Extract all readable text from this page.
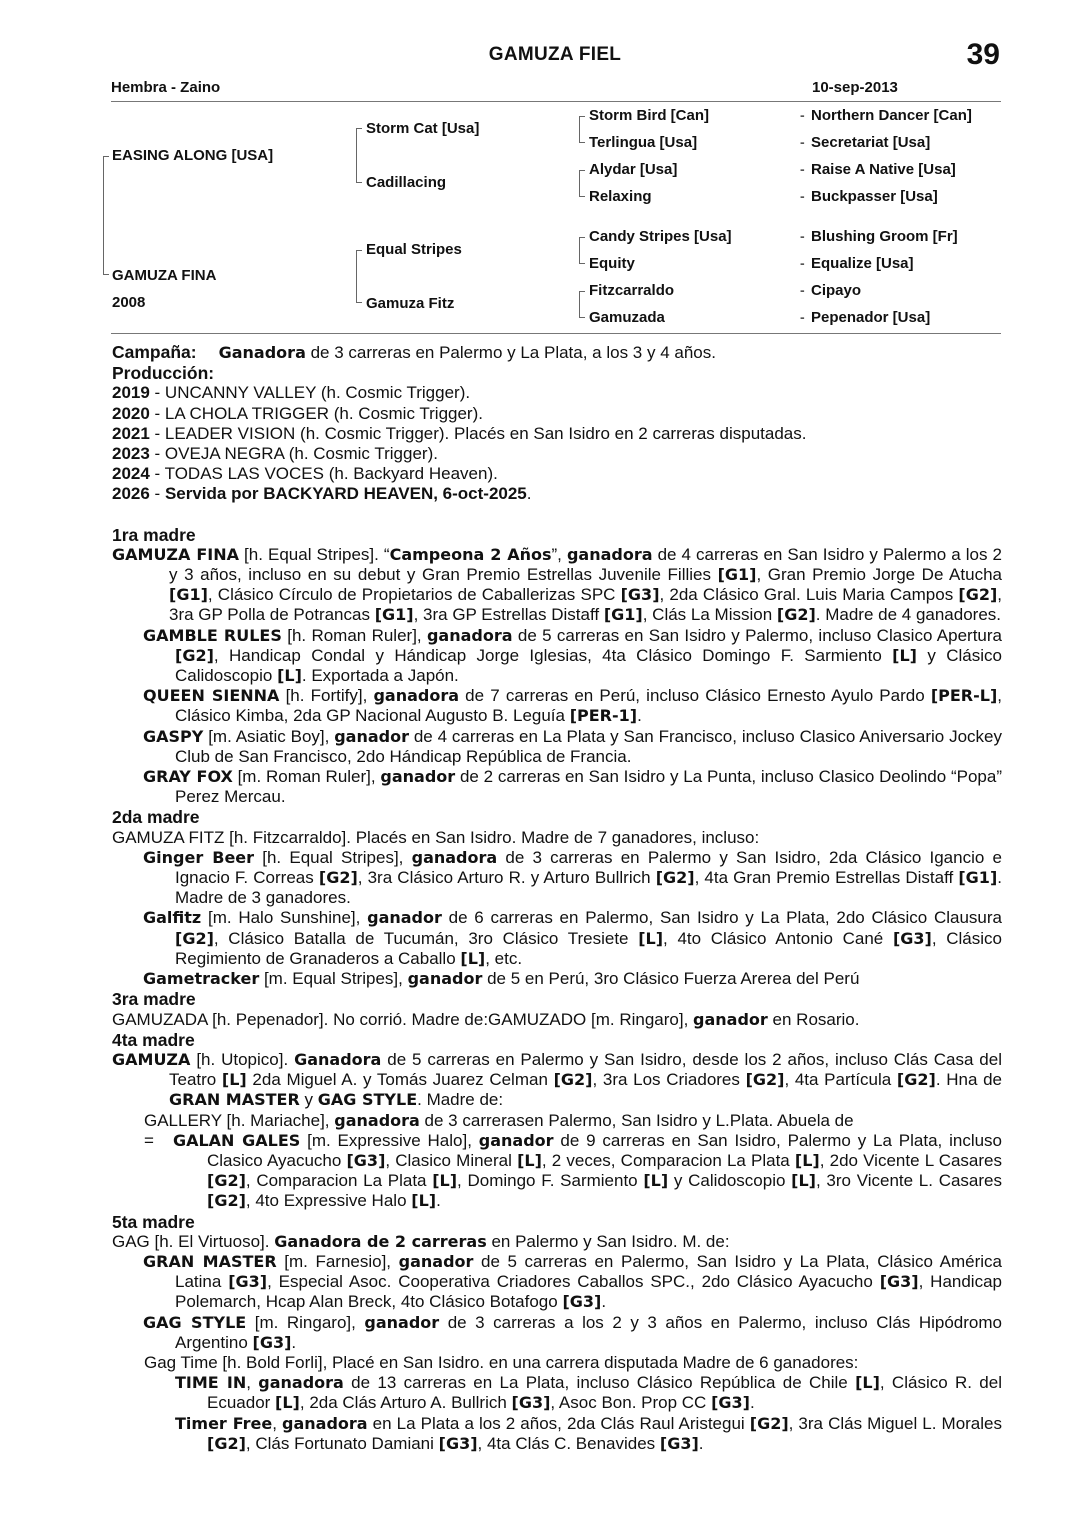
GAMUZA FIEL	39
Hembra - Zaino	10-sep-2013
EASING ALONG [USA]
GAMUZA FINA
2008
Storm Cat [Usa]
Cadillacing
Equal Stripes
Gamuza Fitz
Storm Bird [Can]
Terlingua [Usa]
Alydar [Usa]
Relaxing
Candy Stripes [Usa]
Equity
Fitzcarraldo
Gamuzada
-
-
-
-
-
-
-
-
Northern Dancer [Can]
Secretariat [Usa]
Raise A Native [Usa]
Buckpasser [Usa]
Blushing Groom [Fr]
Equalize [Usa]
Cipayo
Pepenador [Usa]

Campaña: Ganadora de 3 carreras en Palermo y La Plata, a los 3 y 4 años.

Producción:

2019 - UNCANNY VALLEY (h. Cosmic Trigger).

2020 - LA CHOLA TRIGGER (h. Cosmic Trigger).

2021 - LEADER VISION (h. Cosmic Trigger). Placés en San Isidro en 2 carreras disputadas.

2023 - OVEJA NEGRA (h. Cosmic Trigger).

2024 - TODAS LAS VOCES (h. Backyard Heaven).

2026 - Servida por BACKYARD HEAVEN, 6-oct-2025.

1ra madre

GAMUZA FINA [h. Equal Stripes]. “Campeona 2 Años”, ganadora de 4 carreras en San Isidro y Palermo a los 2 y 3 años, incluso en su debut y Gran Premio Estrellas Juvenile Fillies [G1], Gran Premio Jorge De Atucha [G1], Clásico Círculo de Propietarios de Caballerizas SPC [G3], 2da Clásico Gral. Luis Maria Campos [G2], 3ra GP Polla de Potrancas [G1], 3ra GP Estrellas Distaff [G1], Clás La Mission [G2]. Madre de 4 ganadores.

GAMBLE RULES [h. Roman Ruler], ganadora de 5 carreras en San Isidro y Palermo, incluso Clasico Apertura [G2], Handicap Condal y Hándicap Jorge Iglesias, 4ta Clásico Domingo F. Sarmiento [L] y Clásico Calidoscopio [L]. Exportada a Japón.

QUEEN SIENNA [h. Fortify], ganadora de 7 carreras en Perú, incluso Clásico Ernesto Ayulo Pardo [PER-L], Clásico Kimba, 2da GP Nacional Augusto B. Leguía [PER-1].

GASPY [m. Asiatic Boy], ganador de 4 carreras en La Plata y San Francisco, incluso Clasico Aniversario Jockey Club de San Francisco, 2do Hándicap República de Francia.

GRAY FOX [m. Roman Ruler], ganador de 2 carreras en San Isidro y La Punta, incluso Clasico Deolindo “Popa” Perez Mercau.

2da madre

GAMUZA FITZ [h. Fitzcarraldo]. Placés en San Isidro. Madre de 7 ganadores, incluso:

Ginger Beer [h. Equal Stripes], ganadora de 3 carreras en Palermo y San Isidro, 2da Clásico Igancio e Ignacio F. Correas [G2], 3ra Clásico Arturo R. y Arturo Bullrich [G2], 4ta Gran Premio Estrellas Distaff [G1]. Madre de 3 ganadores.

Galfitz [m. Halo Sunshine], ganador de 6 carreras en Palermo, San Isidro y La Plata, 2do Clásico Clausura [G2], Clásico Batalla de Tucumán, 3ro Clásico Tresiete [L], 4to Clásico Antonio Cané [G3], Clásico Regimiento de Granaderos a Caballo [L], etc.

Gametracker [m. Equal Stripes], ganador de 5 en Perú, 3ro Clásico Fuerza Arerea del Perú

3ra madre

GAMUZADA [h. Pepenador]. No corrió. Madre de:GAMUZADO [m. Ringaro], ganador en Rosario.

4ta madre

GAMUZA [h. Utopico]. Ganadora de 5 carreras en Palermo y San Isidro, desde los 2 años, incluso Clás Casa del Teatro [L] 2da Miguel A. y Tomás Juarez Celman [G2], 3ra Los Criadores [G2], 4ta Partícula [G2]. Hna de GRAN MASTER y GAG STYLE. Madre de:

GALLERY [h. Mariache], ganadora de 3 carrerasen Palermo, San Isidro y L.Plata. Abuela de

= GALAN GALES [m. Expressive Halo], ganador de 9 carreras en San Isidro, Palermo y La Plata, incluso Clasico Ayacucho [G3], Clasico Mineral [L], 2 veces, Comparacion La Plata [L], 2do Vicente L Casares [G2], Comparacion La Plata [L], Domingo F. Sarmiento [L] y Calidoscopio [L], 3ro Vicente L. Casares [G2], 4to Expressive Halo [L].

5ta madre

GAG [h. El Virtuoso]. Ganadora de 2 carreras en Palermo y San Isidro. M. de:

GRAN MASTER [m. Farnesio], ganador de 5 carreras en Palermo, San Isidro y La Plata, Clásico América Latina [G3], Especial Asoc. Cooperativa Criadores Caballos SPC., 2do Clásico Ayacucho [G3], Handicap Polemarch, Hcap Alan Breck, 4to Clásico Botafogo [G3].

GAG STYLE [m. Ringaro], ganador de 3 carreras a los 2 y 3 años en Palermo, incluso Clás Hipódromo Argentino [G3].

Gag Time [h. Bold Forli], Placé en San Isidro. en una carrera disputada Madre de 6 ganadores:

TIME IN, ganadora de 13 carreras en La Plata, incluso Clásico República de Chile [L], Clásico R. del Ecuador [L], 2da Clás Arturo A. Bullrich [G3], Asoc Bon. Prop CC [G3].

Timer Free, ganadora en La Plata a los 2 años, 2da Clás Raul Aristegui [G2], 3ra Clás Miguel L. Morales [G2], Clás Fortunato Damiani [G3], 4ta Clás C. Benavides [G3].
